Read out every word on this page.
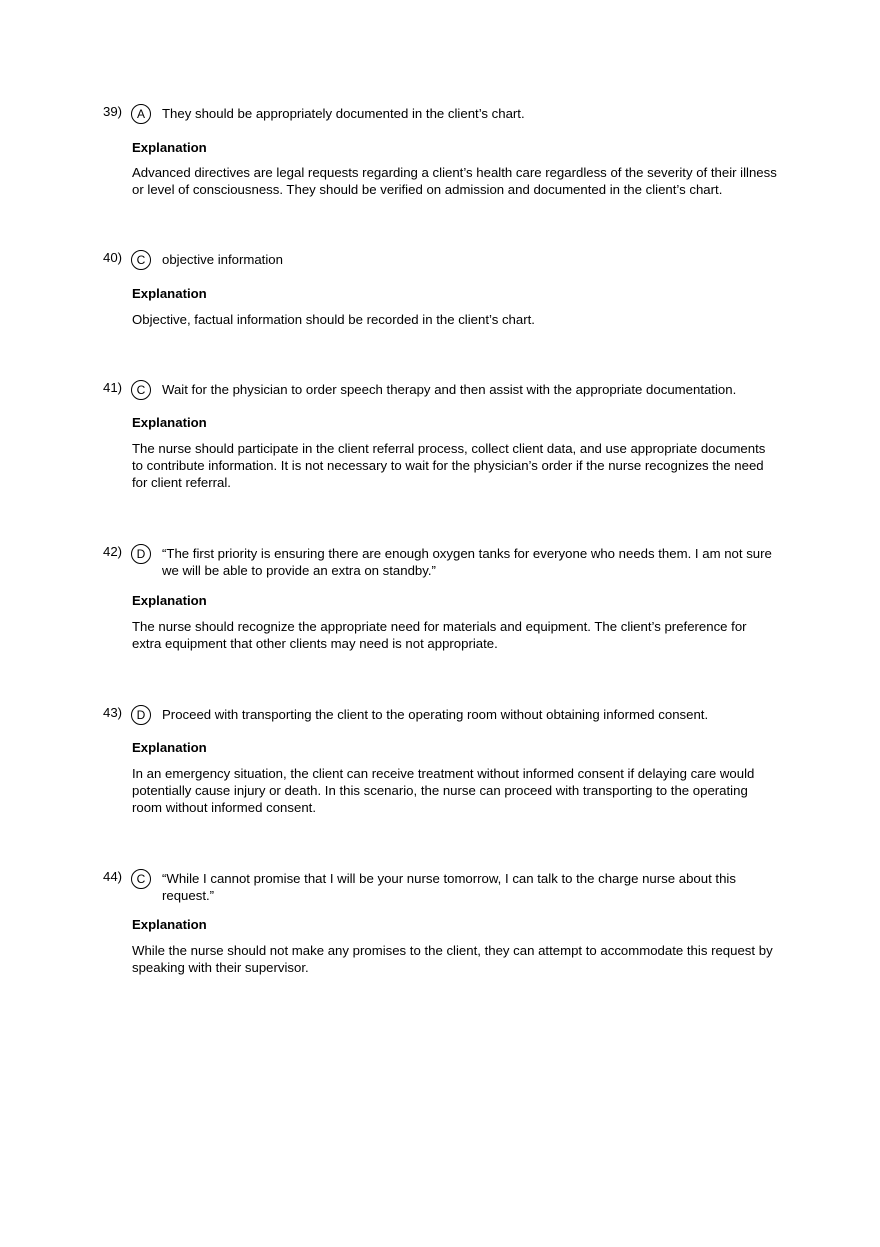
39)	A	They should be appropriately documented in the client’s chart.
Explanation
Advanced directives are legal requests regarding a client’s health care regardless of the severity of their illness or level of consciousness. They should be verified on admission and documented in the client’s chart.
40)	C	objective information
Explanation
Objective, factual information should be recorded in the client’s chart.
41)	C	Wait for the physician to order speech therapy and then assist with the appropriate documentation.
Explanation
The nurse should participate in the client referral process, collect client data, and use appropriate documents to contribute information. It is not necessary to wait for the physician’s order if the nurse recognizes the need for client referral.
42)	D	“The first priority is ensuring there are enough oxygen tanks for everyone who needs them. I am not sure we will be able to provide an extra on standby.”
Explanation
The nurse should recognize the appropriate need for materials and equipment. The client’s preference for extra equipment that other clients may need is not appropriate.
43)	D	Proceed with transporting the client to the operating room without obtaining informed consent.
Explanation
In an emergency situation, the client can receive treatment without informed consent if delaying care would potentially cause injury or death. In this scenario, the nurse can proceed with transporting to the operating room without informed consent.
44)	C	“While I cannot promise that I will be your nurse tomorrow, I can talk to the charge nurse about this request.”
Explanation
While the nurse should not make any promises to the client, they can attempt to accommodate this request by speaking with their supervisor.
